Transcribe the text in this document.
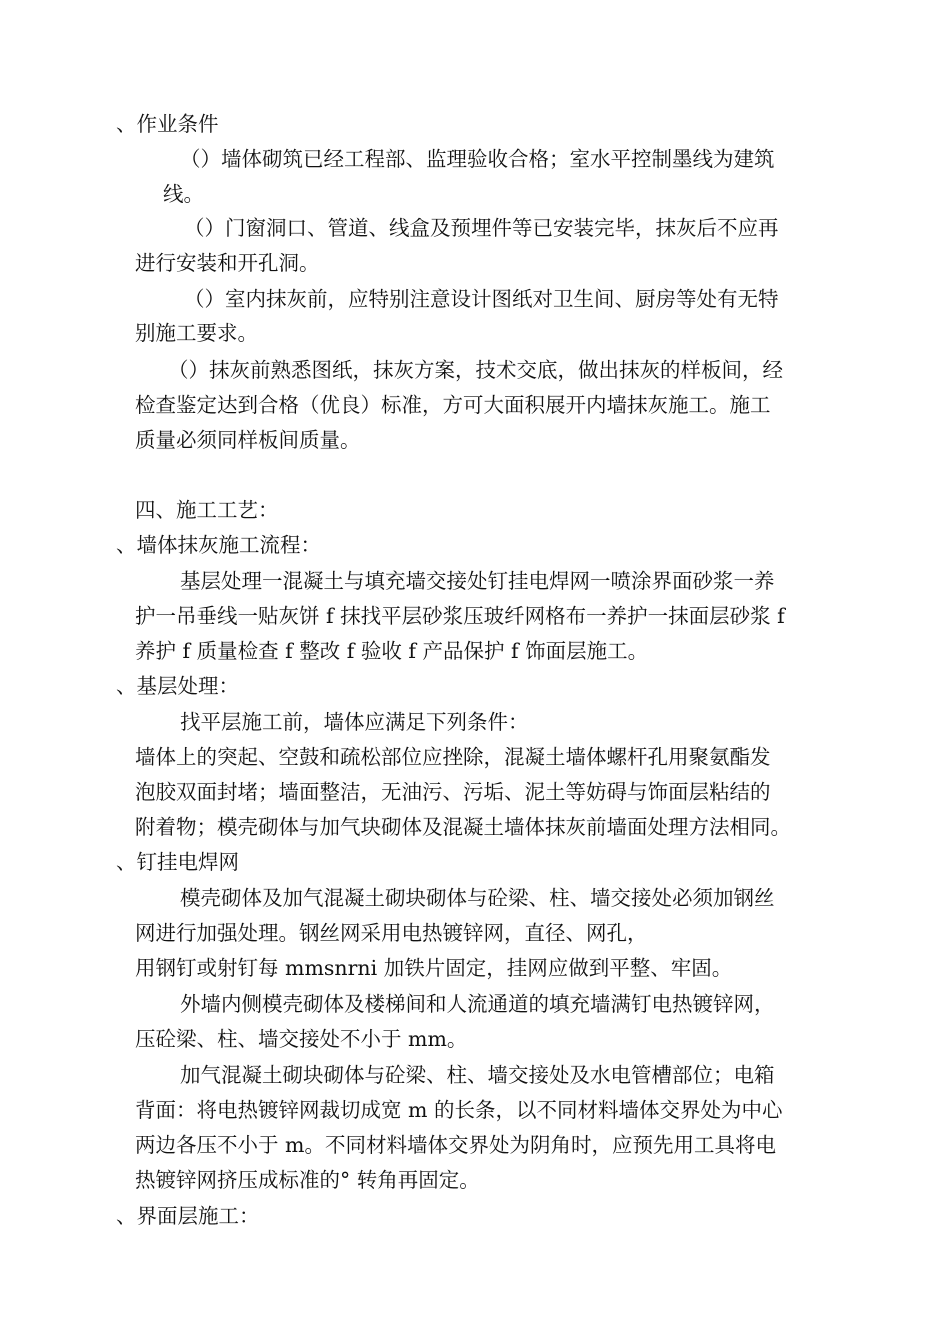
、作业条件
（）墙体砌筑已经工程部、监理验收合格；室水平控制墨线为建筑
线。
（）门窗洞口、管道、线盒及预埋件等已安装完毕，抹灰后不应再
进行安装和开孔洞。
（）室内抹灰前，应特别注意设计图纸对卫生间、厨房等处有无特
别施工要求。
（）抹灰前熟悉图纸，抹灰方案，技术交底，做出抹灰的样板间，经
检查鉴定达到合格（优良）标准，方可大面积展开内墙抹灰施工。施工
质量必须同样板间质量。
四、施工工艺：
、墙体抹灰施工流程：
基层处理一混凝土与填充墙交接处钉挂电焊网一喷涂界面砂浆一养
护一吊垂线一贴灰饼 f 抹找平层砂浆压玻纤网格布一养护一抹面层砂浆 f
养护 f 质量检查 f 整改 f 验收 f 产品保护 f 饰面层施工。
、基层处理：
找平层施工前，墙体应满足下列条件：
墙体上的突起、空鼓和疏松部位应挫除，混凝土墙体螺杆孔用聚氨酯发
泡胶双面封堵；墙面整洁，无油污、污垢、泥土等妨碍与饰面层粘结的
附着物；模壳砌体与加气块砌体及混凝土墙体抹灰前墙面处理方法相同。
、钉挂电焊网
模壳砌体及加气混凝土砌块砌体与砼梁、柱、墙交接处必须加钢丝
网进行加强处理。钢丝网采用电热镀锌网，直径、网孔，
用钢钉或射钉每 mmsnrni 加铁片固定，挂网应做到平整、牢固。
外墙内侧模壳砌体及楼梯间和人流通道的填充墙满钉电热镀锌网，
压砼梁、柱、墙交接处不小于 mm。
加气混凝土砌块砌体与砼梁、柱、墙交接处及水电管槽部位；电箱
背面：将电热镀锌网裁切成宽 m 的长条，以不同材料墙体交界处为中心
两边各压不小于 m。不同材料墙体交界处为阴角时，应预先用工具将电
热镀锌网挤压成标准的° 转角再固定。
、界面层施工：
